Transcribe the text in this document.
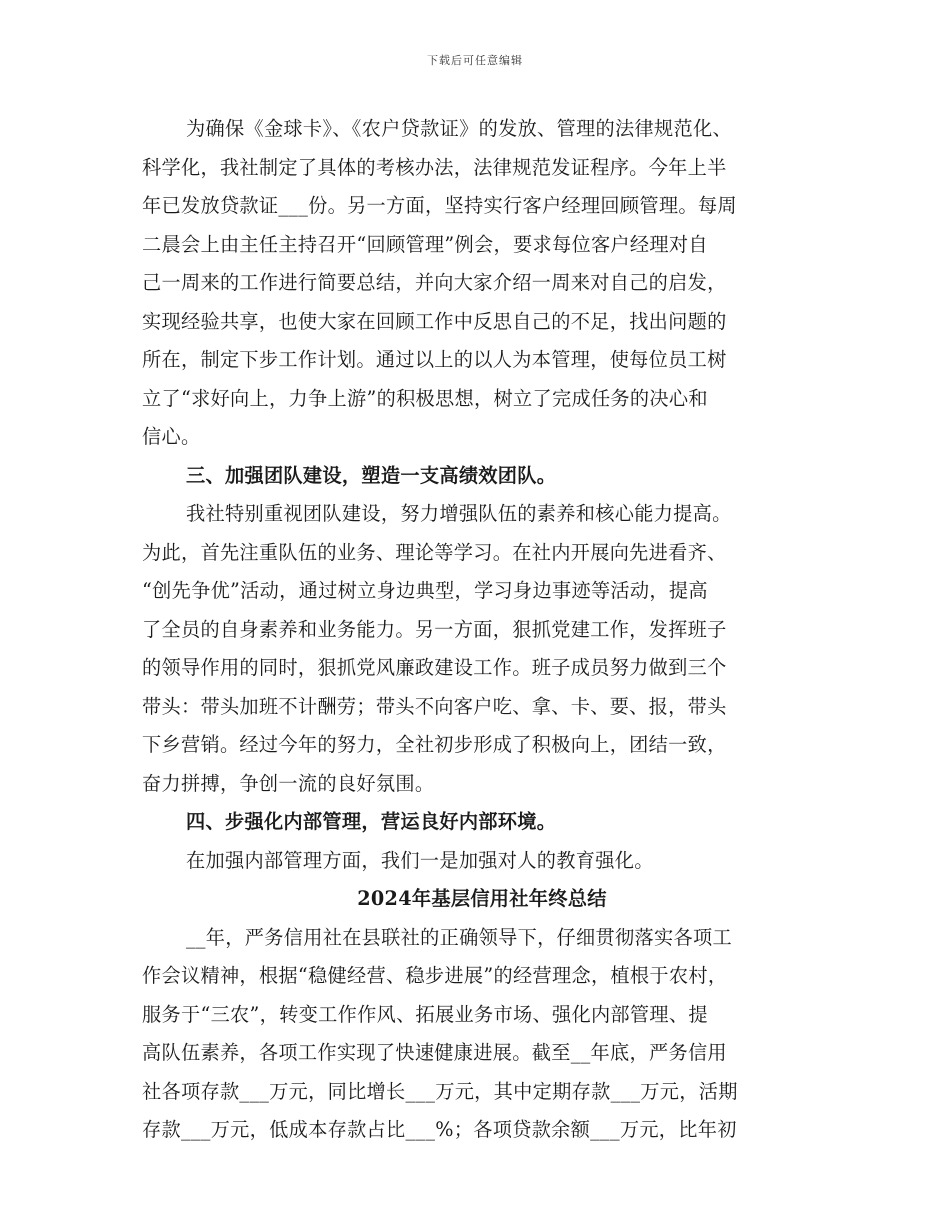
下载后可任意编辑
为确保《金球卡》、《农户贷款证》的发放、管理的法律规范化、
科学化，我社制定了具体的考核办法，法律规范发证程序。今年上半
年已发放贷款证___份。另一方面，坚持实行客户经理回顾管理。每周
二晨会上由主任主持召开“回顾管理”例会，要求每位客户经理对自
己一周来的工作进行简要总结，并向大家介绍一周来对自己的启发，
实现经验共享，也使大家在回顾工作中反思自己的不足，找出问题的
所在，制定下步工作计划。通过以上的以人为本管理，使每位员工树
立了“求好向上，力争上游”的积极思想，树立了完成任务的决心和
信心。
三、加强团队建设，塑造一支高绩效团队。
我社特别重视团队建设，努力增强队伍的素养和核心能力提高。
为此，首先注重队伍的业务、理论等学习。在社内开展向先进看齐、
“创先争优”活动，通过树立身边典型，学习身边事迹等活动，提高
了全员的自身素养和业务能力。另一方面，狠抓党建工作，发挥班子
的领导作用的同时，狠抓党风廉政建设工作。班子成员努力做到三个
带头：带头加班不计酬劳；带头不向客户吃、拿、卡、要、报，带头
下乡营销。经过今年的努力，全社初步形成了积极向上，团结一致，
奋力拼搏，争创一流的良好氛围。
四、步强化内部管理，营运良好内部环境。
在加强内部管理方面，我们一是加强对人的教育强化。
2024年基层信用社年终总结
__年，严务信用社在县联社的正确领导下，仔细贯彻落实各项工
作会议精神，根据“稳健经营、稳步进展”的经营理念，植根于农村，
服务于“三农”，转变工作作风、拓展业务市场、强化内部管理、提
高队伍素养，各项工作实现了快速健康进展。截至__年底，严务信用
社各项存款___万元，同比增长___万元，其中定期存款___万元，活期
存款___万元，低成本存款占比___%；各项贷款余额___万元，比年初
